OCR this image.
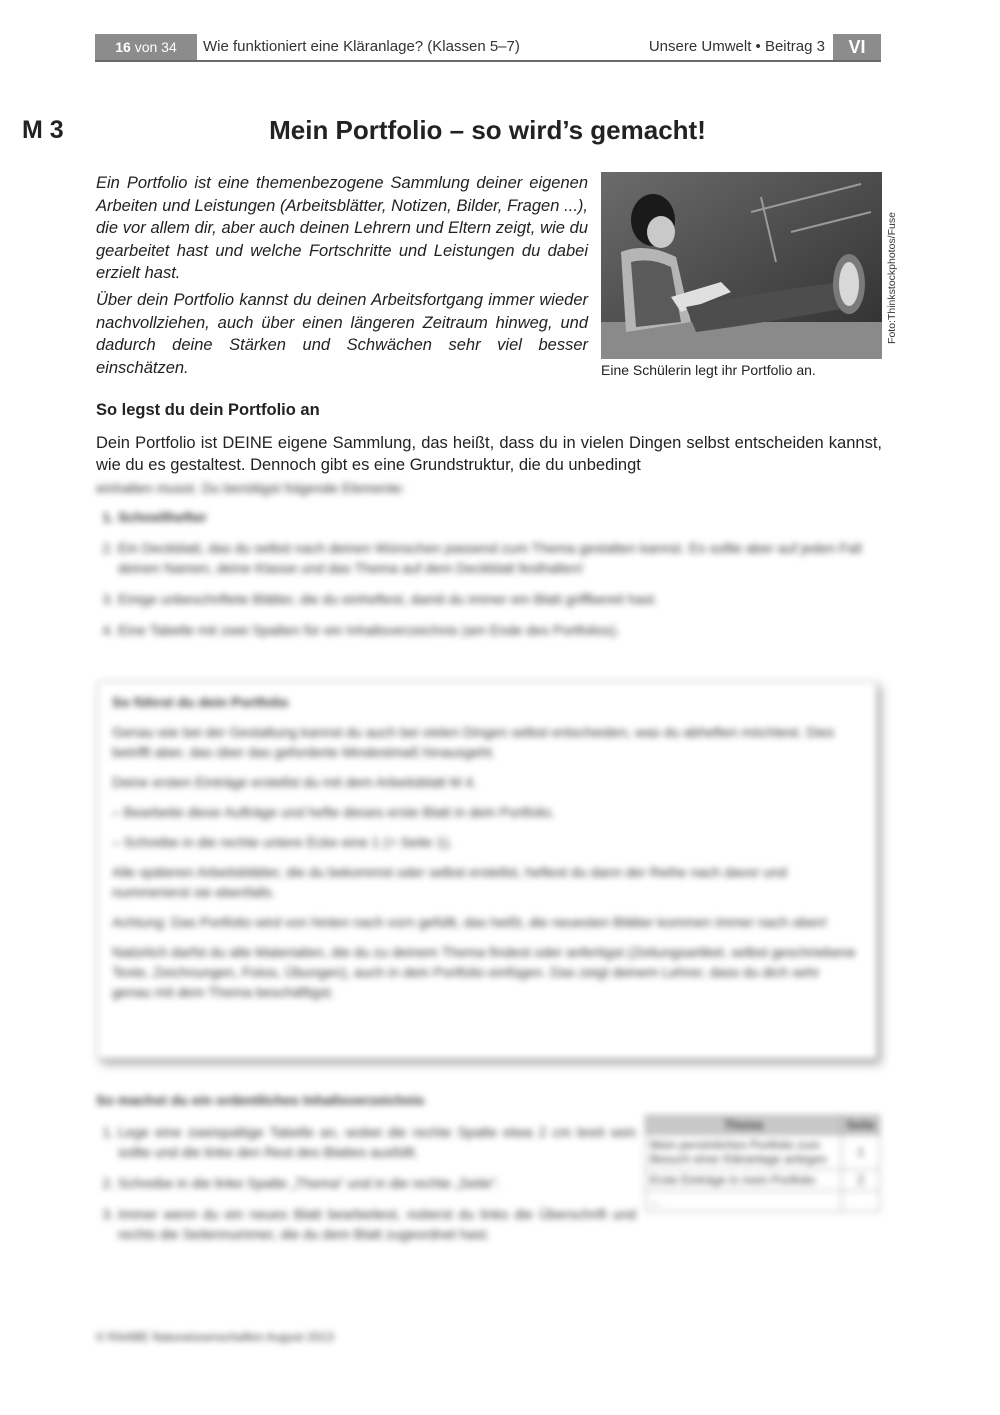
16 von 34	Wie funktioniert eine Kläranlage? (Klassen 5–7)	Unsere Umwelt • Beitrag 3	VI
M 3	Mein Portfolio – so wird’s gemacht!
Ein Portfolio ist eine themenbezogene Sammlung deiner eigenen Arbeiten und Leistungen (Arbeitsblätter, Notizen, Bilder, Fragen ...), die vor allem dir, aber auch deinen Lehrern und Eltern zeigt, wie du gearbeitet hast und welche Fortschritte und Leistungen du dabei erzielt hast.
Über dein Portfolio kannst du deinen Arbeitsfortgang immer wieder nachvollziehen, auch über einen längeren Zeitraum hinweg, und dadurch deine Stärken und Schwächen sehr viel besser einschätzen.
Foto:Thinkstockphotos/Fuse
Eine Schülerin legt ihr Portfolio an.
So legst du dein Portfolio an
Dein Portfolio ist DEINE eigene Sammlung, das heißt, dass du in vielen Dingen selbst entscheiden kannst, wie du es gestaltest. Dennoch gibt es eine Grundstruktur, die du unbedingt
einhalten musst. Du benötigst folgende Elemente:
1. Schnellhefter
2. Ein Deckblatt, das du selbst nach deinen Wünschen passend zum Thema gestalten kannst. Es sollte aber auf jeden Fall deinen Namen, deine Klasse und das Thema auf dem Deckblatt festhalten!
3. Einige unbeschriftete Blätter, die du einheftest, damit du immer ein Blatt griffbereit hast.
4. Eine Tabelle mit zwei Spalten für ein Inhaltsverzeichnis (am Ende des Portfolios).

So führst du dein Portfolio

Genau wie bei der Gestaltung kannst du auch bei vielen Dingen selbst entscheiden, was du abheften möchtest. Dies betrifft aber, das über das geforderte Mindestmaß hinausgeht.

Deine ersten Einträge erstellst du mit dem Arbeitsblatt M 4.

– Bearbeite diese Aufträge und hefte dieses erste Blatt in dein Portfolio.

– Schreibe in die rechte untere Ecke eine 1 (= Seite 1).

Alle späteren Arbeitsblätter, die du bekommst oder selbst erstellst, heftest du dann der Reihe nach davor und nummerierst sie ebenfalls.

Achtung: Das Portfolio wird von hinten nach vorn gefüllt, das heißt, die neuesten Blätter kommen immer nach oben!

Natürlich darfst du alle Materialien, die du zu deinem Thema findest oder anfertigst (Zeitungsartikel, selbst geschriebene Texte, Zeichnungen, Fotos, Übungen), auch in dein Portfolio einfügen. Das zeigt deinem Lehrer, dass du dich sehr genau mit dem Thema beschäftigst.

So machst du ein ordentliches Inhaltsverzeichnis
1. Lege eine zweispaltige Tabelle an, wobei die rechte Spalte etwa 2 cm breit sein sollte und die linke den Rest des Blattes ausfüllt.
2. Schreibe in die linke Spalte „Thema“ und in die rechte „Seite“.
3. Immer wenn du ein neues Blatt bearbeitest, notierst du links die Überschrift und rechts die Seitennummer, die du dem Blatt zugeordnet hast.
Thema	Seite
Mein persönliches Portfolio zum Besuch einer Kläranlage anlegen	1
Erste Einträge in mein Portfolio	2
...	
© RAABE Naturwissenschaften August 2013
